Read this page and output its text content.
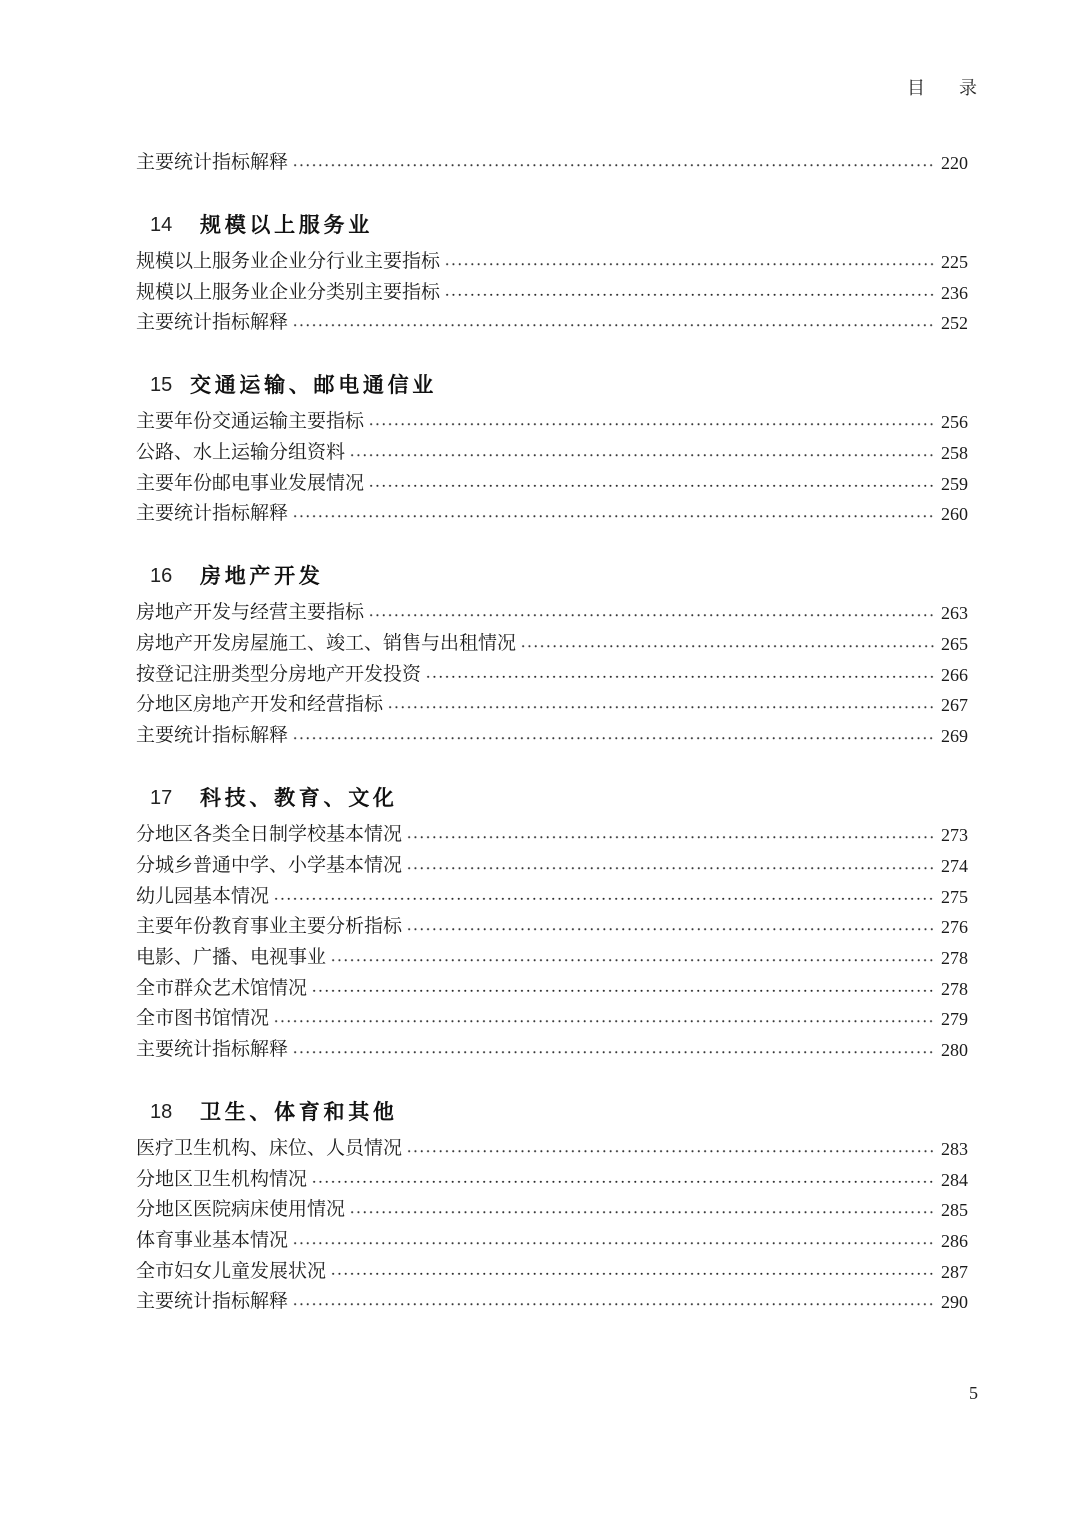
目　录
主要统计指标解释	220
14 规模以上服务业
规模以上服务业企业分行业主要指标	225
规模以上服务业企业分类别主要指标	236
主要统计指标解释	252
15 交通运输、邮电通信业
主要年份交通运输主要指标	256
公路、水上运输分组资料	258
主要年份邮电事业发展情况	259
主要统计指标解释	260
16 房地产开发
房地产开发与经营主要指标	263
房地产开发房屋施工、竣工、销售与出租情况	265
按登记注册类型分房地产开发投资	266
分地区房地产开发和经营指标	267
主要统计指标解释	269
17 科技、教育、文化
分地区各类全日制学校基本情况	273
分城乡普通中学、小学基本情况	274
幼儿园基本情况	275
主要年份教育事业主要分析指标	276
电影、广播、电视事业	278
全市群众艺术馆情况	278
全市图书馆情况	279
主要统计指标解释	280
18 卫生、体育和其他
医疗卫生机构、床位、人员情况	283
分地区卫生机构情况	284
分地区医院病床使用情况	285
体育事业基本情况	286
全市妇女儿童发展状况	287
主要统计指标解释	290
5
